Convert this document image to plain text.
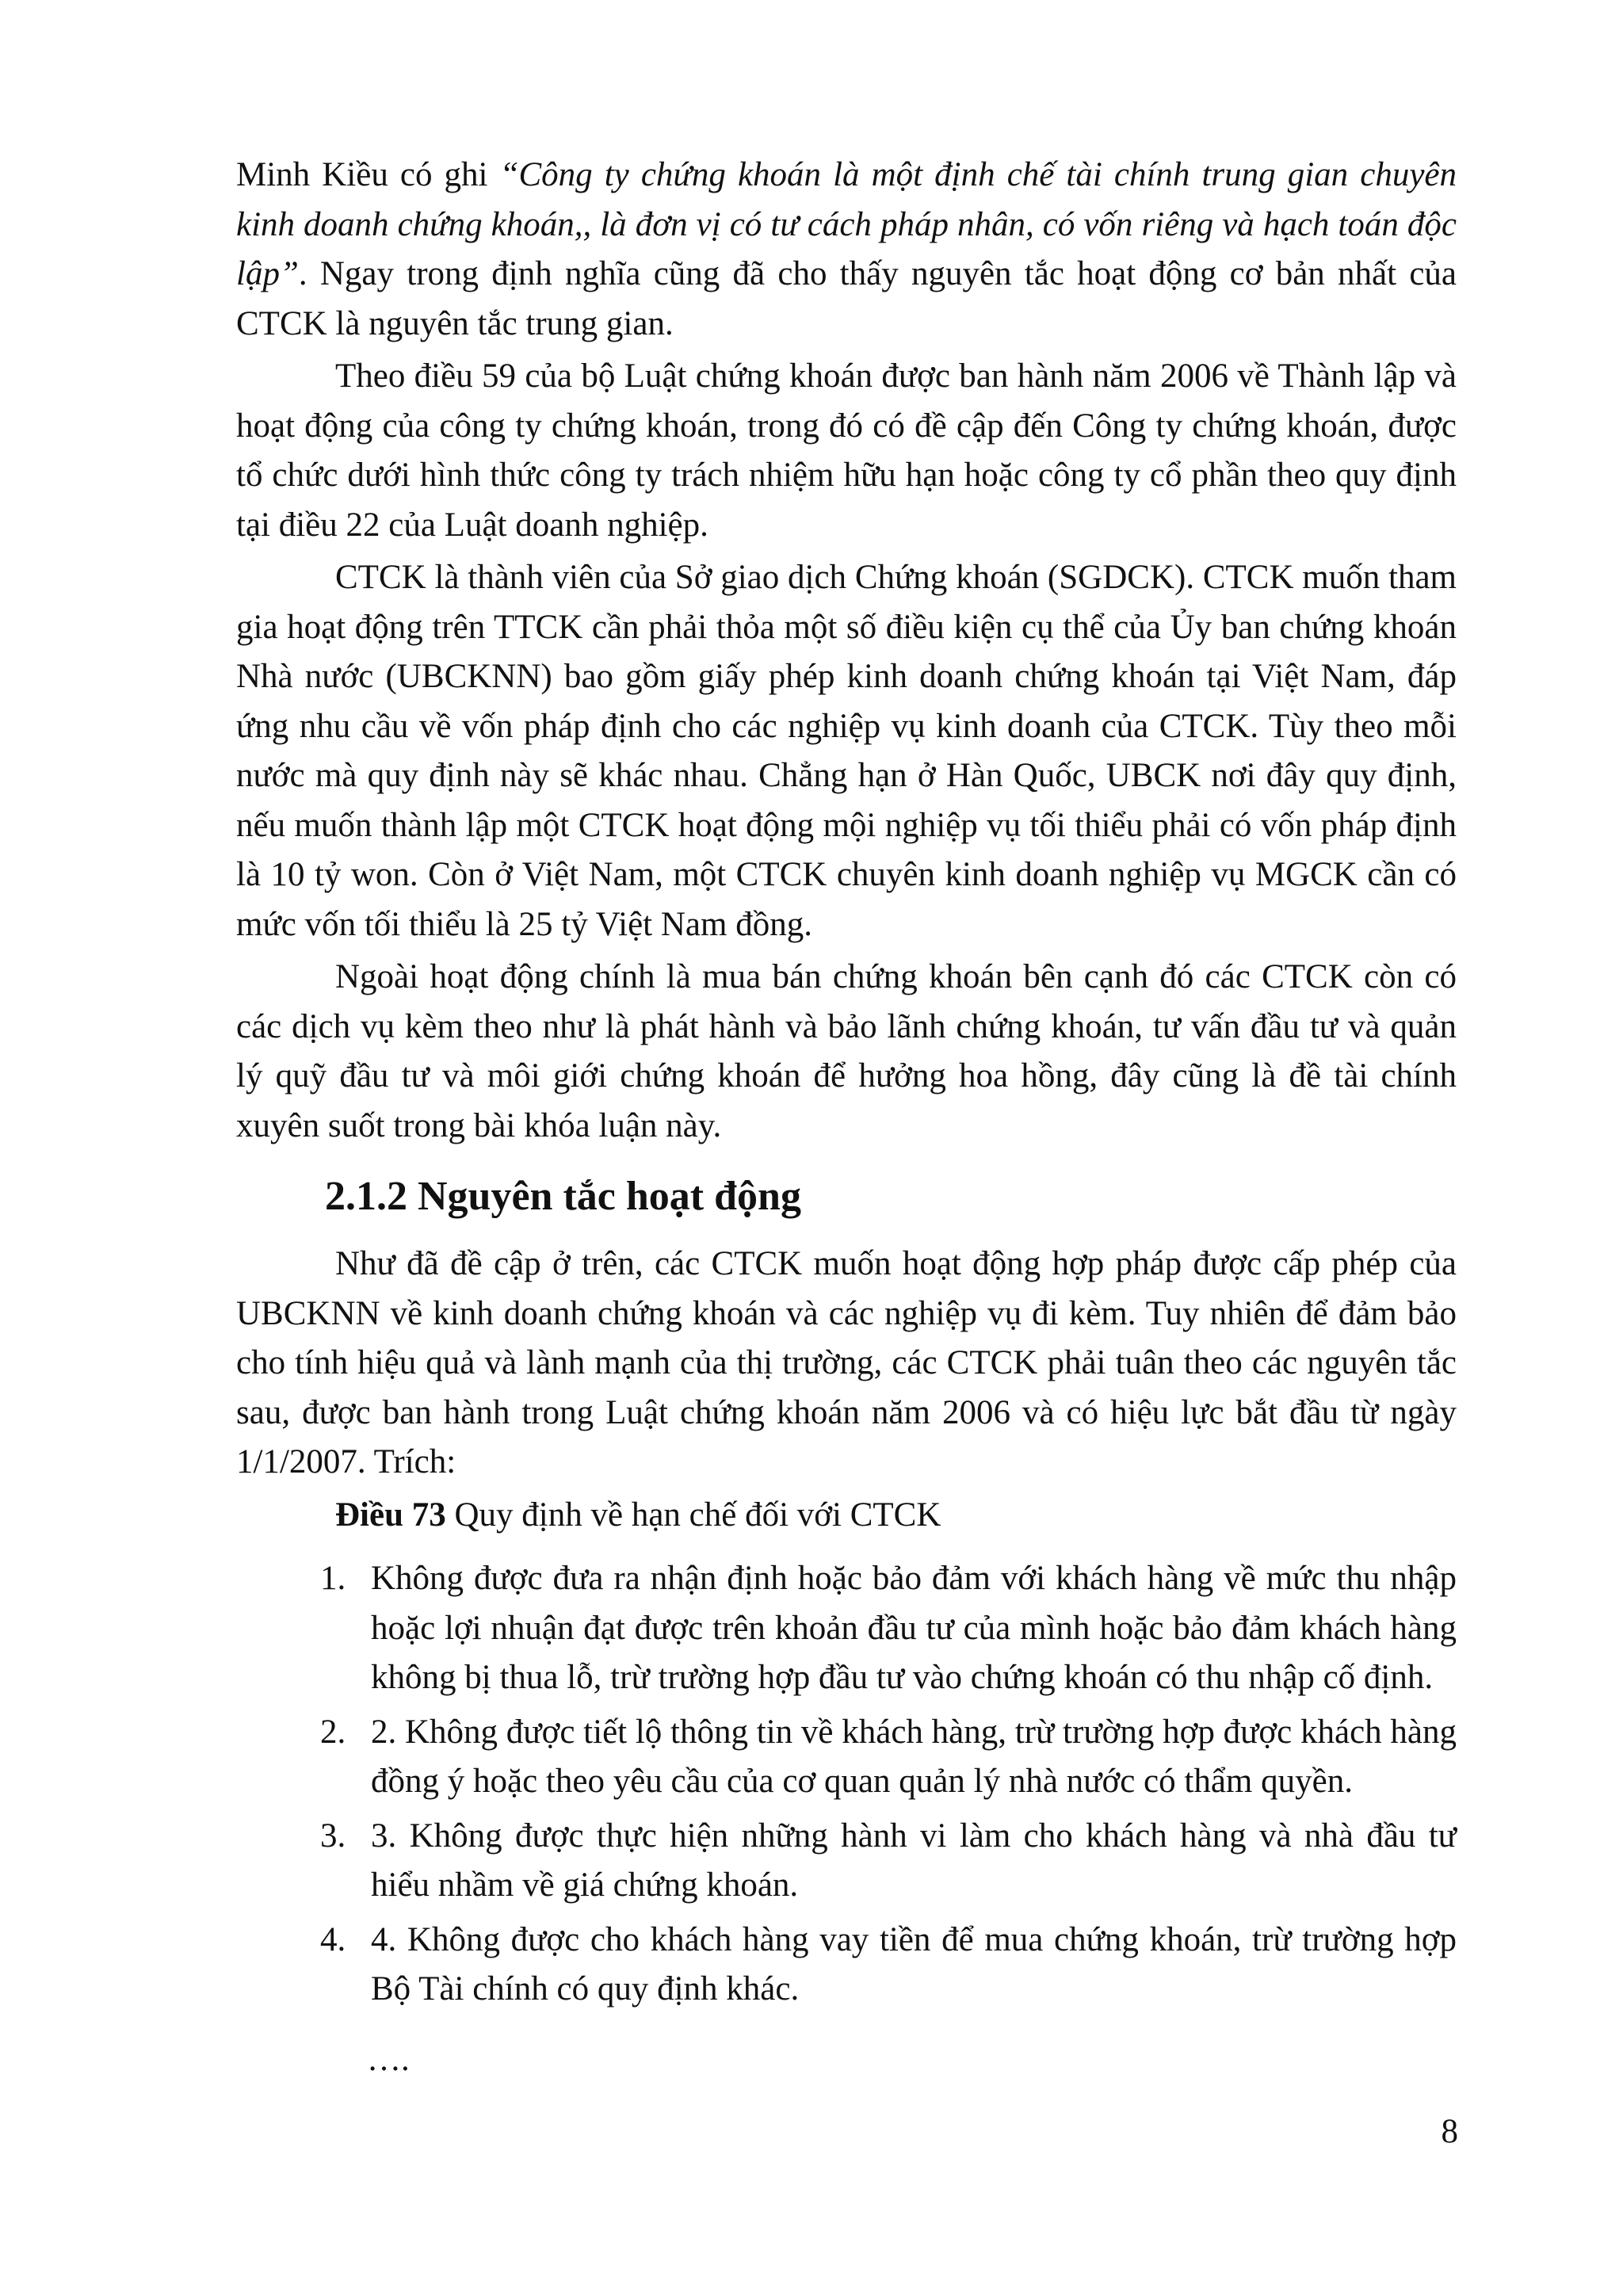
Minh Kiều có ghi “Công ty chứng khoán là một định chế tài chính trung gian chuyên kinh doanh chứng khoán,, là đơn vị có tư cách pháp nhân, có vốn riêng và hạch toán độc lập”. Ngay trong định nghĩa cũng đã cho thấy nguyên tắc hoạt động cơ bản nhất của CTCK là nguyên tắc trung gian.

Theo điều 59 của bộ Luật chứng khoán được ban hành năm 2006 về Thành lập và hoạt động của công ty chứng khoán, trong đó có đề cập đến Công ty chứng khoán, được tổ chức dưới hình thức công ty trách nhiệm hữu hạn hoặc công ty cổ phần theo quy định tại điều 22 của Luật doanh nghiệp.

CTCK là thành viên của Sở giao dịch Chứng khoán (SGDCK). CTCK muốn tham gia hoạt động trên TTCK cần phải thỏa một số điều kiện cụ thể của Ủy ban chứng khoán Nhà nước (UBCKNN) bao gồm giấy phép kinh doanh chứng khoán tại Việt Nam, đáp ứng nhu cầu về vốn pháp định cho các nghiệp vụ kinh doanh của CTCK. Tùy theo mỗi nước mà quy định này sẽ khác nhau. Chẳng hạn ở Hàn Quốc, UBCK nơi đây quy định, nếu muốn thành lập một CTCK hoạt động mội nghiệp vụ tối thiểu phải có vốn pháp định là 10 tỷ won. Còn ở Việt Nam, một CTCK chuyên kinh doanh nghiệp vụ MGCK cần có mức vốn tối thiểu là 25 tỷ Việt Nam đồng.

Ngoài hoạt động chính là mua bán chứng khoán bên cạnh đó các CTCK còn có các dịch vụ kèm theo như là phát hành và bảo lãnh chứng khoán, tư vấn đầu tư và quản lý quỹ đầu tư và môi giới chứng khoán để hưởng hoa hồng, đây cũng là đề tài chính xuyên suốt trong bài khóa luận này.

2.1.2 Nguyên tắc hoạt động

Như đã đề cập ở trên, các CTCK muốn hoạt động hợp pháp được cấp phép của UBCKNN về kinh doanh chứng khoán và các nghiệp vụ đi kèm. Tuy nhiên để đảm bảo cho tính hiệu quả và lành mạnh của thị trường, các CTCK phải tuân theo các nguyên tắc sau, được ban hành trong Luật chứng khoán năm 2006 và có hiệu lực bắt đầu từ ngày 1/1/2007. Trích:

Điều 73 Quy định về hạn chế đối với CTCK
1. Không được đưa ra nhận định hoặc bảo đảm với khách hàng về mức thu nhập hoặc lợi nhuận đạt được trên khoản đầu tư của mình hoặc bảo đảm khách hàng không bị thua lỗ, trừ trường hợp đầu tư vào chứng khoán có thu nhập cố định.
2. 2. Không được tiết lộ thông tin về khách hàng, trừ trường hợp được khách hàng đồng ý hoặc theo yêu cầu của cơ quan quản lý nhà nước có thẩm quyền.
3. 3. Không được thực hiện những hành vi làm cho khách hàng và nhà đầu tư hiểu nhầm về giá chứng khoán.
4. 4. Không được cho khách hàng vay tiền để mua chứng khoán, trừ trường hợp Bộ Tài chính có quy định khác.
….
8
